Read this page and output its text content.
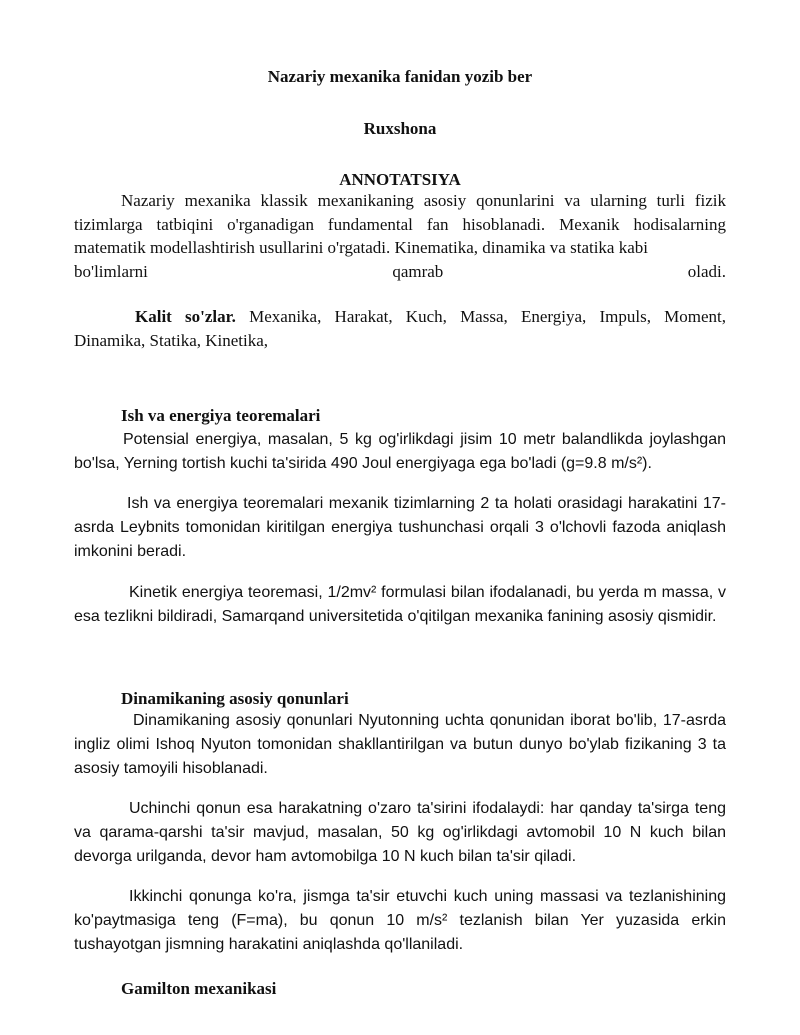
Nazariy mexanika fanidan yozib ber

Ruxshona

ANNOTATSIYA

Nazariy mexanika klassik mexanikaning asosiy qonunlarini va ularning turli fizik tizimlarga tatbiqini o'rganadigan fundamental fan hisoblanadi. Mexanik hodisalarning matematik modellashtirish usullarini o'rgatadi. Kinematika, dinamika va statika kabi

bo'limlarni qamrab oladi.

Kalit so'zlar. Mexanika, Harakat, Kuch, Massa, Energiya, Impuls, Moment, Dinamika, Statika, Kinetika,

Ish va energiya teoremalari

Potensial energiya, masalan, 5 kg og'irlikdagi jisim 10 metr balandlikda joylashgan bo'lsa, Yerning tortish kuchi ta'sirida 490 Joul energiyaga ega bo'ladi (g=9.8 m/s²).

Ish va energiya teoremalari mexanik tizimlarning 2 ta holati orasidagi harakatini 17-asrda Leybnits tomonidan kiritilgan energiya tushunchasi orqali 3 o'lchovli fazoda aniqlash imkonini beradi.

Kinetik energiya teoremasi, 1/2mv² formulasi bilan ifodalanadi, bu yerda m massa, v esa tezlikni bildiradi, Samarqand universitetida o'qitilgan mexanika fanining asosiy qismidir.

Dinamikaning asosiy qonunlari

Dinamikaning asosiy qonunlari Nyutonning uchta qonunidan iborat bo'lib, 17-asrda ingliz olimi Ishoq Nyuton tomonidan shakllantirilgan va butun dunyo bo'ylab fizikaning 3 ta asosiy tamoyili hisoblanadi.

Uchinchi qonun esa harakatning o'zaro ta'sirini ifodalaydi: har qanday ta'sirga teng va qarama-qarshi ta'sir mavjud, masalan, 50 kg og'irlikdagi avtomobil 10 N kuch bilan devorga urilganda, devor ham avtomobilga 10 N kuch bilan ta'sir qiladi.

Ikkinchi qonunga ko'ra, jismga ta'sir etuvchi kuch uning massasi va tezlanishining ko'paytmasiga teng (F=ma), bu qonun 10 m/s² tezlanish bilan Yer yuzasida erkin tushayotgan jismning harakatini aniqlashda qo'llaniladi.

Gamilton mexanikasi
